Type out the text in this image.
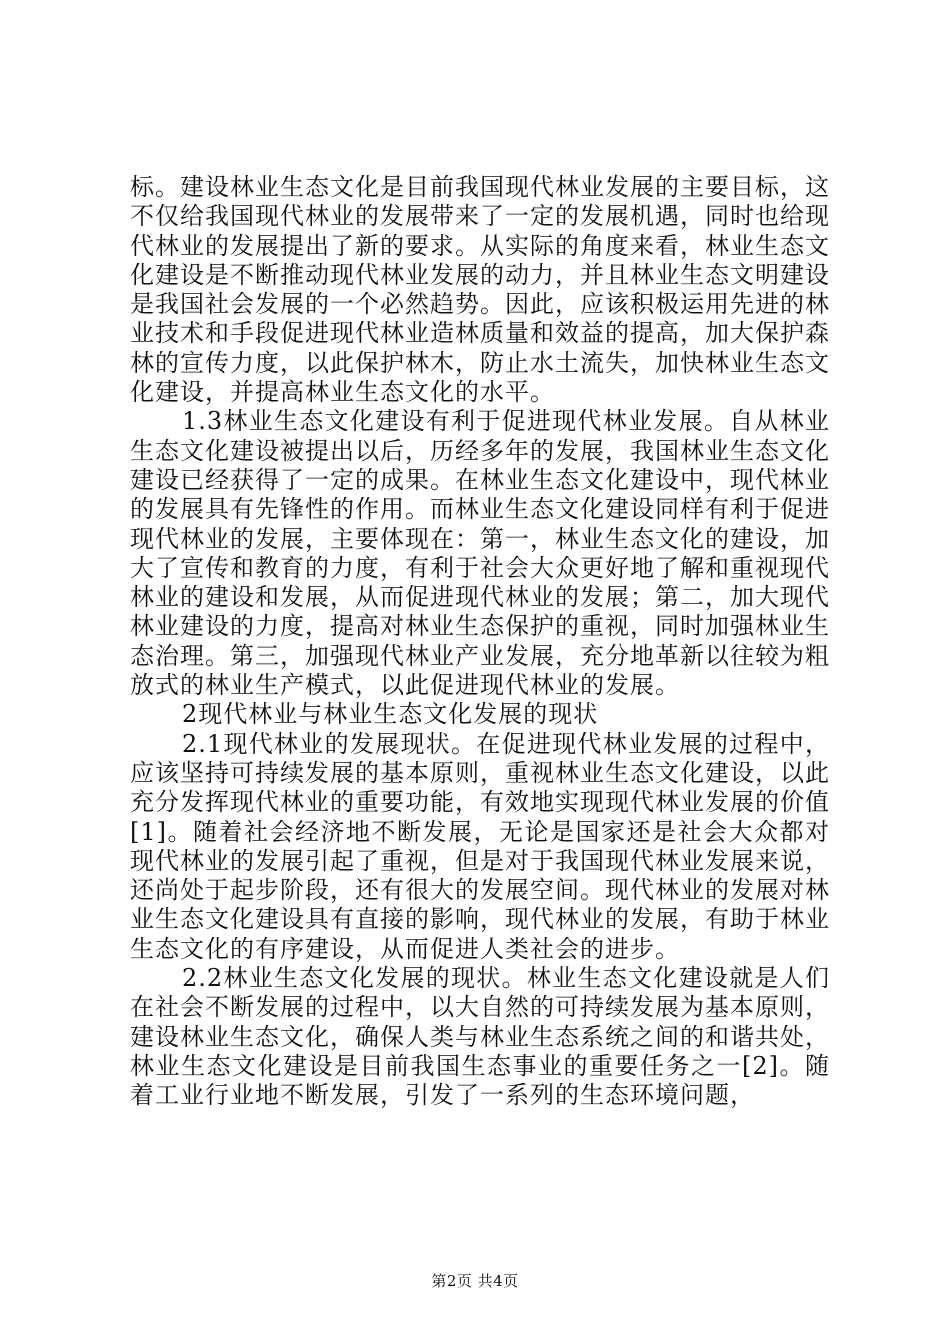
标。建设林业生态文化是目前我国现代林业发展的主要目标，这不仅给我国现代林业的发展带来了一定的发展机遇，同时也给现代林业的发展提出了新的要求。从实际的角度来看，林业生态文化建设是不断推动现代林业发展的动力，并且林业生态文明建设是我国社会发展的一个必然趋势。因此，应该积极运用先进的林业技术和手段促进现代林业造林质量和效益的提高，加大保护森林的宣传力度，以此保护林木，防止水土流失，加快林业生态文化建设，并提高林业生态文化的水平。

1.3林业生态文化建设有利于促进现代林业发展。自从林业生态文化建设被提出以后，历经多年的发展，我国林业生态文化建设已经获得了一定的成果。在林业生态文化建设中，现代林业的发展具有先锋性的作用。而林业生态文化建设同样有利于促进现代林业的发展，主要体现在：第一，林业生态文化的建设，加大了宣传和教育的力度，有利于社会大众更好地了解和重视现代林业的建设和发展，从而促进现代林业的发展；第二，加大现代林业建设的力度，提高对林业生态保护的重视，同时加强林业生态治理。第三，加强现代林业产业发展，充分地革新以往较为粗放式的林业生产模式，以此促进现代林业的发展。

2现代林业与林业生态文化发展的现状

2.1现代林业的发展现状。在促进现代林业发展的过程中，应该坚持可持续发展的基本原则，重视林业生态文化建设，以此充分发挥现代林业的重要功能，有效地实现现代林业发展的价值[1]。随着社会经济地不断发展，无论是国家还是社会大众都对现代林业的发展引起了重视，但是对于我国现代林业发展来说，还尚处于起步阶段，还有很大的发展空间。现代林业的发展对林业生态文化建设具有直接的影响，现代林业的发展，有助于林业生态文化的有序建设，从而促进人类社会的进步。

2.2林业生态文化发展的现状。林业生态文化建设就是人们在社会不断发展的过程中，以大自然的可持续发展为基本原则，建设林业生态文化，确保人类与林业生态系统之间的和谐共处，林业生态文化建设是目前我国生态事业的重要任务之一[2]。随着工业行业地不断发展，引发了一系列的生态环境问题，

第2页 共4页
